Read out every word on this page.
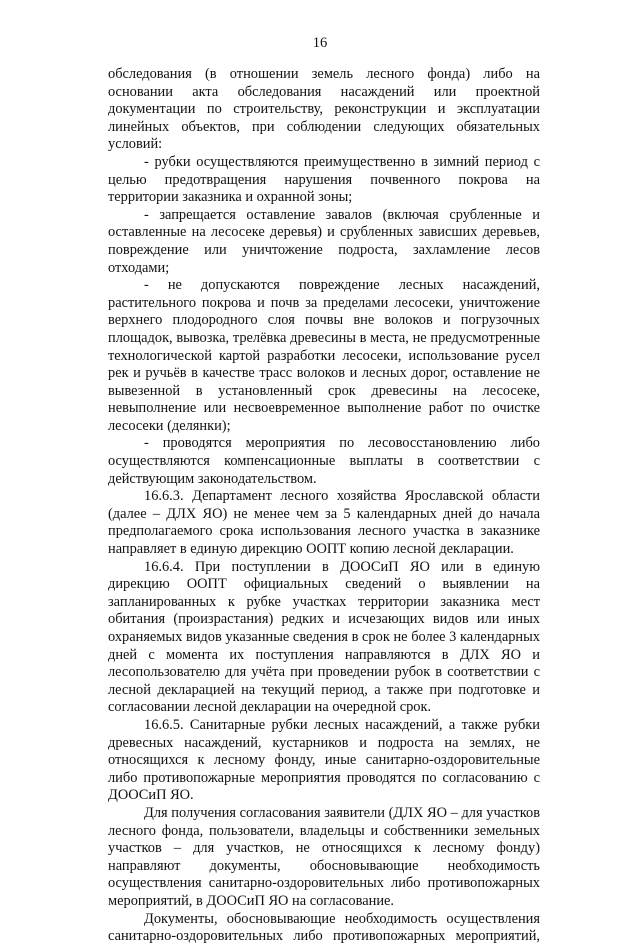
16

обследования (в отношении земель лесного фонда) либо на основании акта обследования насаждений или проектной документации по строительству, реконструкции и эксплуатации линейных объектов, при соблюдении следующих обязательных условий:

- рубки осуществляются преимущественно в зимний период с целью предотвращения нарушения почвенного покрова на территории заказника и охранной зоны;

- запрещается оставление завалов (включая срубленные и оставленные на лесосеке деревья) и срубленных зависших деревьев, повреждение или уничтожение подроста, захламление лесов отходами;

- не допускаются повреждение лесных насаждений, растительного покрова и почв за пределами лесосеки, уничтожение верхнего плодородного слоя почвы вне волоков и погрузочных площадок, вывозка, трелёвка древесины в места, не предусмотренные технологической картой разработки лесосеки, использование русел рек и ручьёв в качестве трасс волоков и лесных дорог, оставление не вывезенной в установленный срок древесины на лесосеке, невыполнение или несвоевременное выполнение работ по очистке лесосеки (делянки);

- проводятся мероприятия по лесовосстановлению либо осуществляются компенсационные выплаты в соответствии с действующим законодательством.

16.6.3. Департамент лесного хозяйства Ярославской области (далее – ДЛХ ЯО) не менее чем за 5 календарных дней до начала предполагаемого срока использования лесного участка в заказнике направляет в единую дирекцию ООПТ копию лесной декларации.

16.6.4. При поступлении в ДООСиП ЯО или в единую дирекцию ООПТ официальных сведений о выявлении на запланированных к рубке участках территории заказника мест обитания (произрастания) редких и исчезающих видов или иных охраняемых видов указанные сведения в срок не более 3 календарных дней с момента их поступления направляются в ДЛХ ЯО и лесопользователю для учёта при проведении рубок в соответствии с лесной декларацией на текущий период, а также при подготовке и согласовании лесной декларации на очередной срок.

16.6.5. Санитарные рубки лесных насаждений, а также рубки древесных насаждений, кустарников и подроста на землях, не относящихся к лесному фонду, иные санитарно-оздоровительные либо противопожарные мероприятия проводятся по согласованию с ДООСиП ЯО.

Для получения согласования заявители (ДЛХ ЯО – для участков лесного фонда, пользователи, владельцы и собственники земельных участков – для участков, не относящихся к лесному фонду) направляют документы, обосновывающие необходимость осуществления санитарно-оздоровительных либо противопожарных мероприятий, в ДООСиП ЯО на согласование.

Документы, обосновывающие необходимость осуществления санитарно-оздоровительных либо противопожарных мероприятий,
